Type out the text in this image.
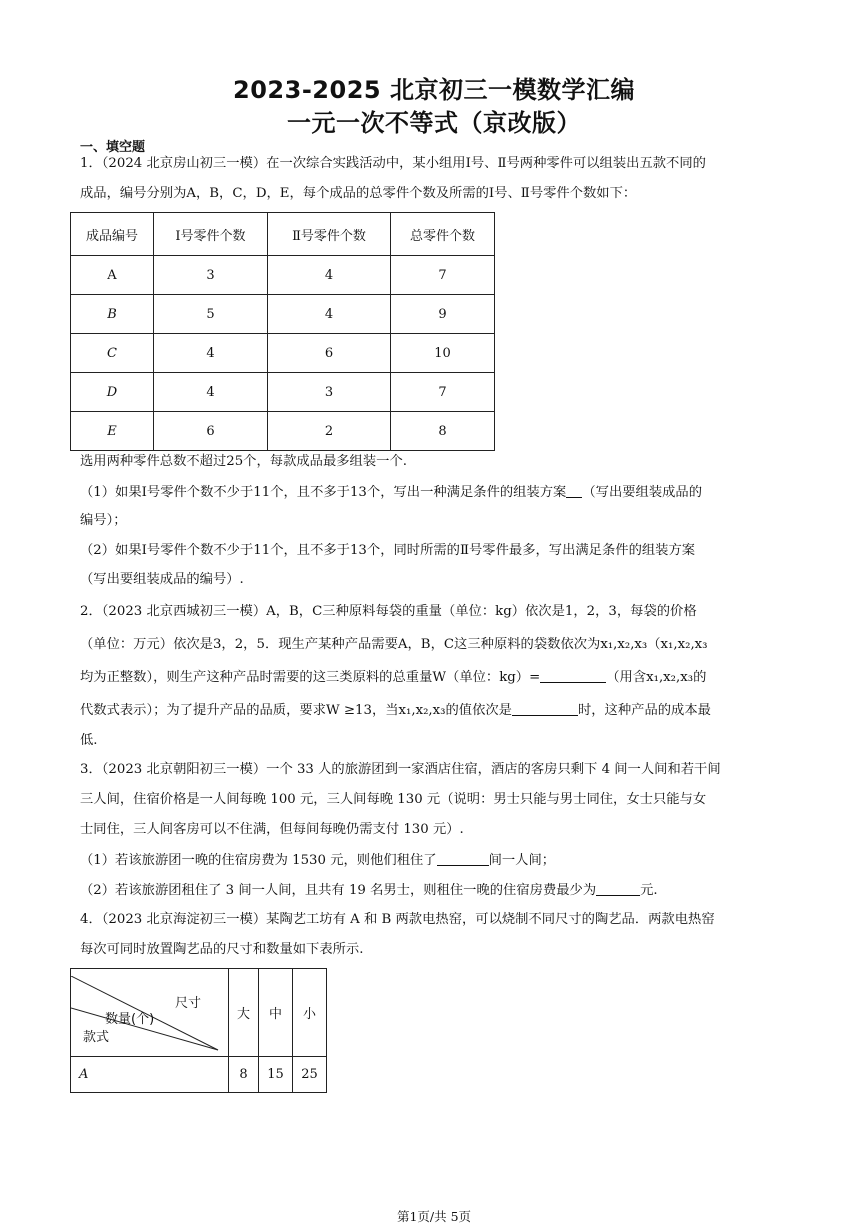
2023-2025 北京初三一模数学汇编
一元一次不等式（京改版）
一、填空题
1．（2024 北京房山初三一模）在一次综合实践活动中，某小组用Ⅰ号、Ⅱ号两种零件可以组装出五款不同的
成品，编号分别为A，B，C，D，E，每个成品的总零件个数及所需的Ⅰ号、Ⅱ号零件个数如下：
成品编号	Ⅰ号零件个数	Ⅱ号零件个数	总零件个数
A	3	4	7
B	5	4	9
C	4	6	10
D	4	3	7
E	6	2	8
选用两种零件总数不超过25个，每款成品最多组装一个.
（1）如果Ⅰ号零件个数不少于11个，且不多于13个，写出一种满足条件的组装方案 （写出要组装成品的
编号）；
（2）如果Ⅰ号零件个数不少于11个，且不多于13个，同时所需的Ⅱ号零件最多，写出满足条件的组装方案
（写出要组装成品的编号）.
2．（2023 北京西城初三一模）A，B，C三种原料每袋的重量（单位：kg）依次是1，2，3，每袋的价格
（单位：万元）依次是3，2，5．现生产某种产品需要A，B，C这三种原料的袋数依次为x₁,x₂,x₃（x₁,x₂,x₃
均为正整数），则生产这种产品时需要的这三类原料的总重量W（单位：kg）=	（用含x₁,x₂,x₃的
代数式表示）；为了提升产品的品质，要求W ≥13，当x₁,x₂,x₃的值依次是	时，这种产品的成本最
低.
3．（2023 北京朝阳初三一模）一个 33 人的旅游团到一家酒店住宿，酒店的客房只剩下 4 间一人间和若干间
三人间，住宿价格是一人间每晚 100 元，三人间每晚 130 元（说明：男士只能与男士同住，女士只能与女
士同住，三人间客房可以不住满，但每间每晚仍需支付 130 元）.
（1）若该旅游团一晚的住宿房费为 1530 元，则他们租住了	间一人间；
（2）若该旅游团租住了 3 间一人间，且共有 19 名男士，则租住一晚的住宿房费最少为	元.
4．（2023 北京海淀初三一模）某陶艺工坊有 A 和 B 两款电热窑，可以烧制不同尺寸的陶艺品．两款电热窑
每次可同时放置陶艺品的尺寸和数量如下表所示.
尺寸
数量(个)
款式	大	中	小
A	8	15	25
第1页/共 5页
